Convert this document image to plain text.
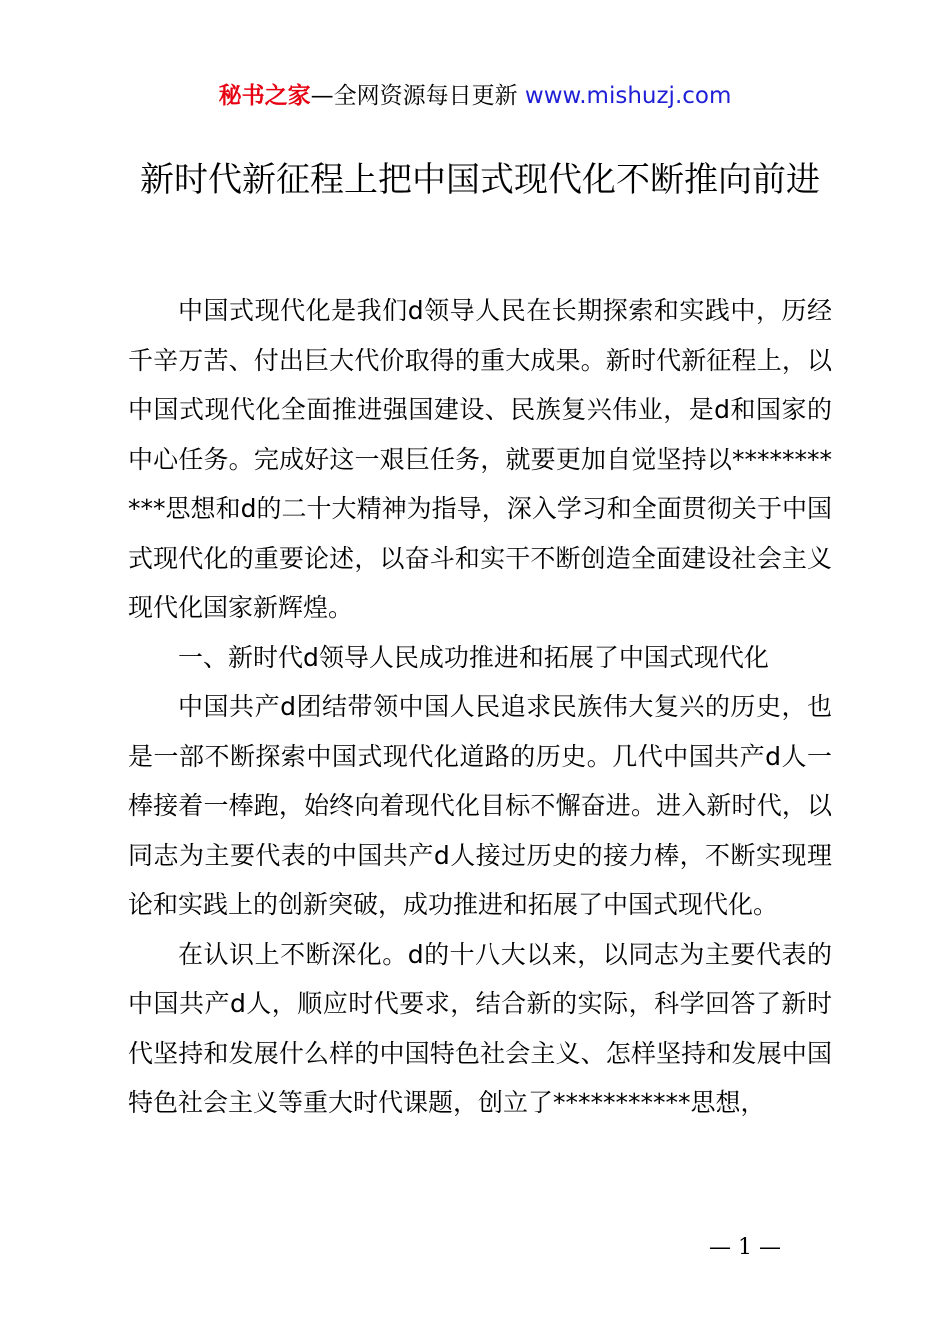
秘书之家—全网资源每日更新 www.mishuzj.com
新时代新征程上把中国式现代化不断推向前进

中国式现代化是我们d领导人民在长期探索和实践中，历经千辛万苦、付出巨大代价取得的重大成果。新时代新征程上，以中国式现代化全面推进强国建设、民族复兴伟业，是d和国家的中心任务。完成好这一艰巨任务，就要更加自觉坚持以***********思想和d的二十大精神为指导，深入学习和全面贯彻关于中国式现代化的重要论述，以奋斗和实干不断创造全面建设社会主义现代化国家新辉煌。

一、新时代d领导人民成功推进和拓展了中国式现代化

中国共产d团结带领中国人民追求民族伟大复兴的历史，也是一部不断探索中国式现代化道路的历史。几代中国共产d人一棒接着一棒跑，始终向着现代化目标不懈奋进。进入新时代，以同志为主要代表的中国共产d人接过历史的接力棒，不断实现理论和实践上的创新突破，成功推进和拓展了中国式现代化。

在认识上不断深化。d的十八大以来，以同志为主要代表的中国共产d人，顺应时代要求，结合新的实际，科学回答了新时代坚持和发展什么样的中国特色社会主义、怎样坚持和发展中国特色社会主义等重大时代课题，创立了***********思想，

— 1 —
